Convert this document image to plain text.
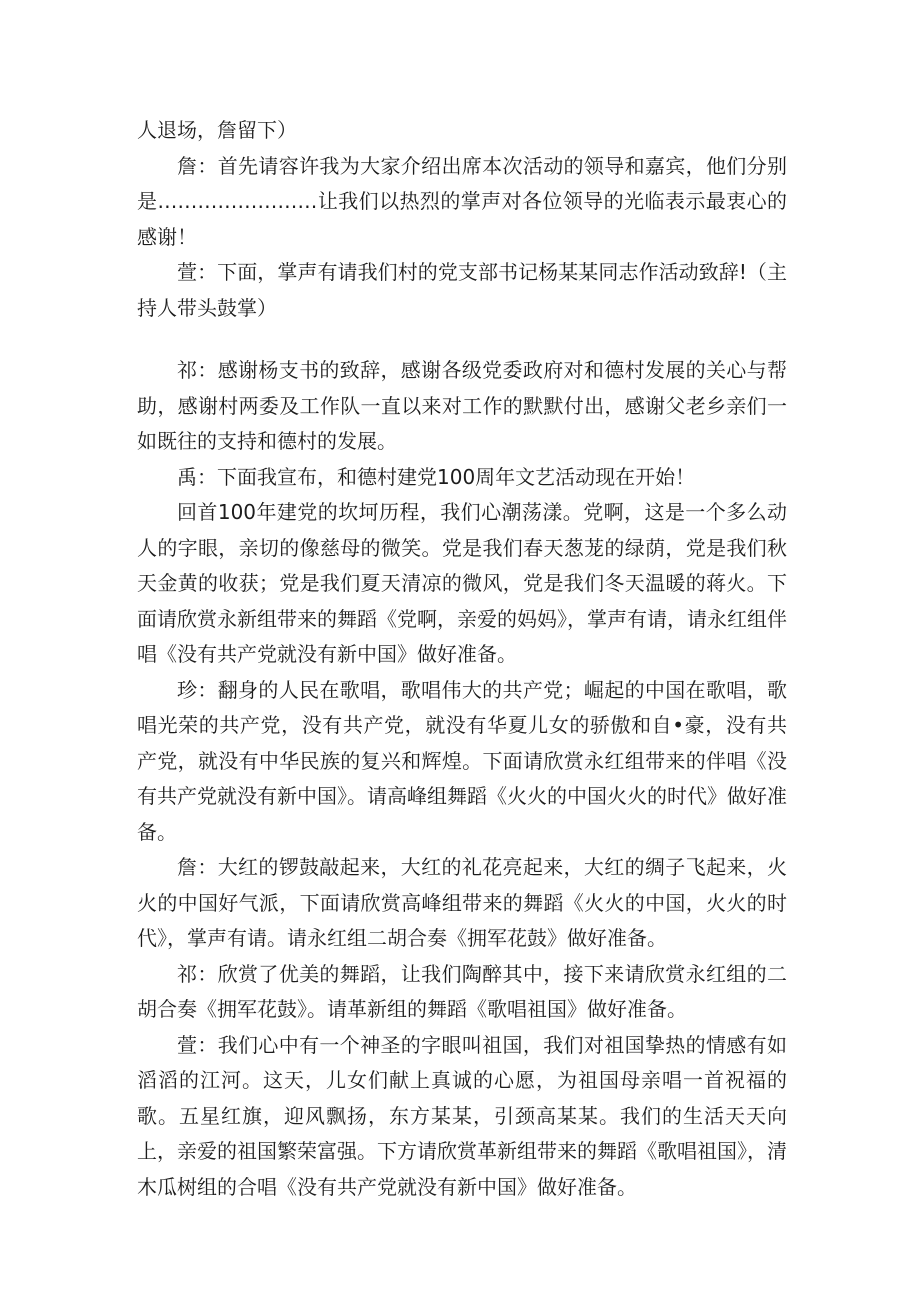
人退场，詹留下）

詹：首先请容许我为大家介绍出席本次活动的领导和嘉宾，他们分别是……………………让我们以热烈的掌声对各位领导的光临表示最衷心的感谢！

萱：下面，掌声有请我们村的党支部书记杨某某同志作活动致辞!（主持人带头鼓掌）

祁：感谢杨支书的致辞，感谢各级党委政府对和德村发展的关心与帮助，感谢村两委及工作队一直以来对工作的默默付出，感谢父老乡亲们一如既往的支持和德村的发展。

禹：下面我宣布，和德村建党100周年文艺活动现在开始！

回首100年建党的坎坷历程，我们心潮荡漾。党啊，这是一个多么动人的字眼，亲切的像慈母的微笑。党是我们春天葱茏的绿荫，党是我们秋天金黄的收获；党是我们夏天清凉的微风，党是我们冬天温暖的蒋火。下面请欣赏永新组带来的舞蹈《党啊，亲爱的妈妈》，掌声有请，请永红组伴唱《没有共产党就没有新中国》做好准备。

珍：翻身的人民在歌唱，歌唱伟大的共产党；崛起的中国在歌唱，歌唱光荣的共产党，没有共产党，就没有华夏儿女的骄傲和自•豪，没有共产党，就没有中华民族的复兴和辉煌。下面请欣赏永红组带来的伴唱《没有共产党就没有新中国》。请高峰组舞蹈《火火的中国火火的时代》做好准备。

詹：大红的锣鼓敲起来，大红的礼花亮起来，大红的绸子飞起来，火火的中国好气派，下面请欣赏高峰组带来的舞蹈《火火的中国，火火的时代》，掌声有请。请永红组二胡合奏《拥军花鼓》做好准备。

祁：欣赏了优美的舞蹈，让我们陶醉其中，接下来请欣赏永红组的二胡合奏《拥军花鼓》。请革新组的舞蹈《歌唱祖国》做好准备。

萱：我们心中有一个神圣的字眼叫祖国，我们对祖国挚热的情感有如滔滔的江河。这天，儿女们献上真诚的心愿，为祖国母亲唱一首祝福的歌。五星红旗，迎风飘扬，东方某某，引颈高某某。我们的生活天天向上，亲爱的祖国繁荣富强。下方请欣赏革新组带来的舞蹈《歌唱祖国》，清木瓜树组的合唱《没有共产党就没有新中国》做好准备。
